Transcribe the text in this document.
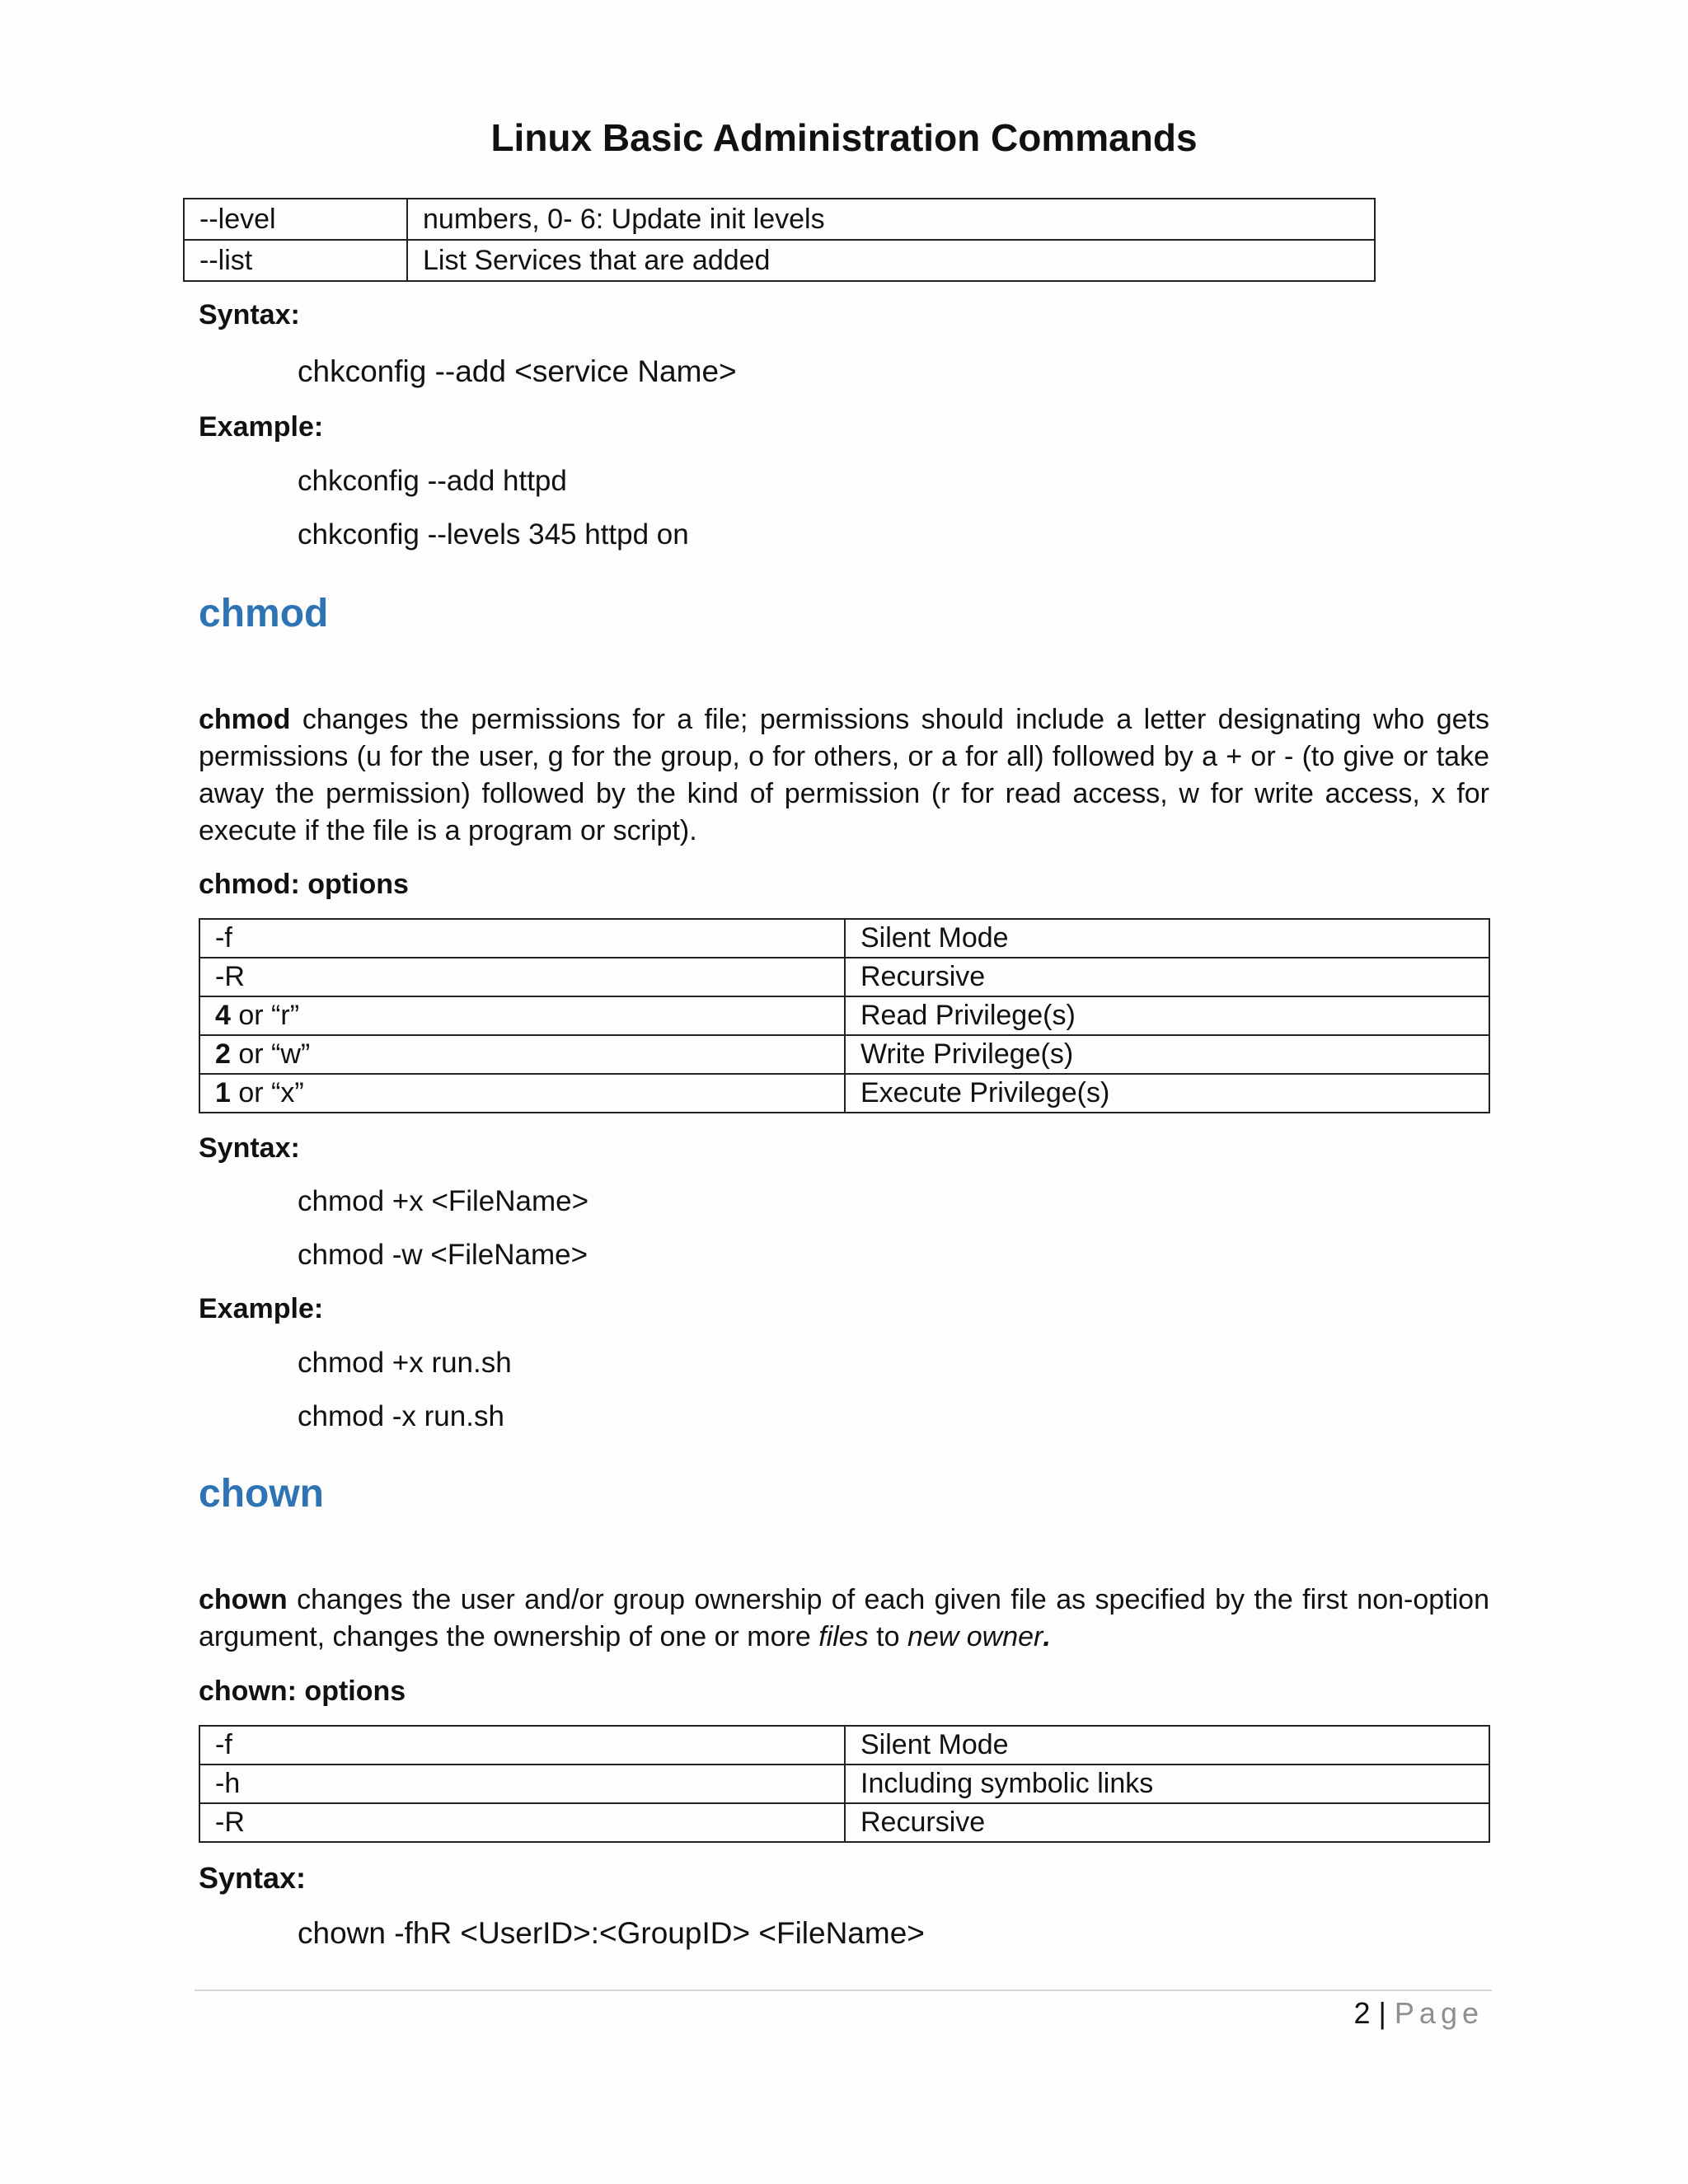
Linux Basic Administration Commands
--level	numbers, 0- 6: Update init levels
--list	List Services that are added
Syntax:
chkconfig --add <service Name>
Example:
chkconfig --add httpd
chkconfig --levels 345 httpd on
chmod
chmod changes the permissions for a file; permissions should include a letter designating who gets permissions (u for the user, g for the group, o for others, or a for all) followed by a + or - (to give or take away the permission) followed by the kind of permission (r for read access, w for write access, x for execute if the file is a program or script).
chmod: options
-f	Silent Mode
-R	Recursive
4 or “r”	Read Privilege(s)
2 or “w”	Write Privilege(s)
1 or “x”	Execute Privilege(s)
Syntax:
chmod +x <FileName>
chmod -w <FileName>
Example:
chmod +x run.sh
chmod -x run.sh
chown
chown changes the user and/or group ownership of each given file as specified by the first non-option argument, changes the ownership of one or more files to new owner.
chown: options
-f	Silent Mode
-h	Including symbolic links
-R	Recursive
Syntax:
chown -fhR <UserID>:<GroupID> <FileName>
2 | Page
